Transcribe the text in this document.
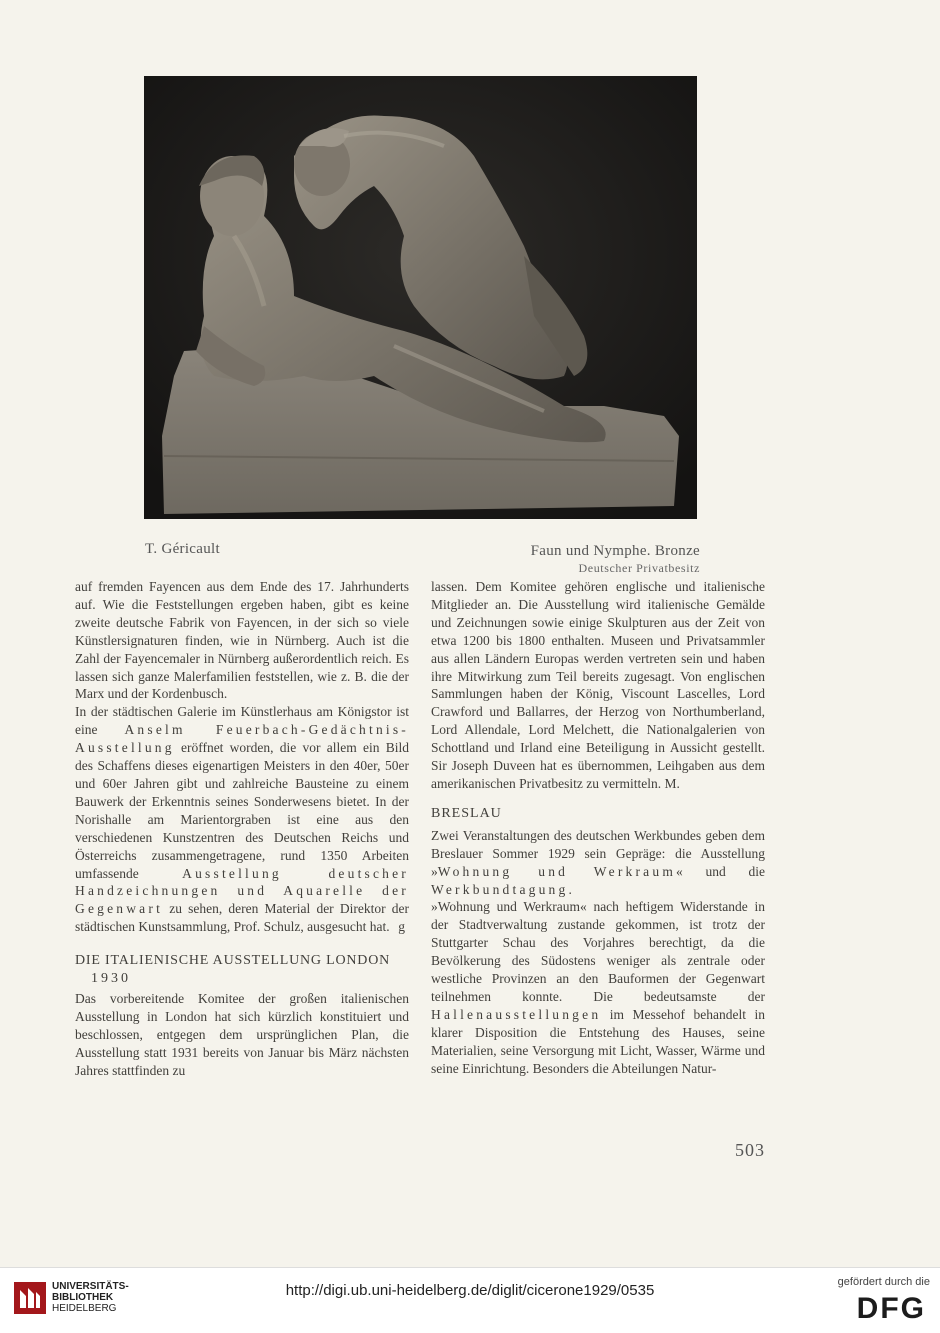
T. Géricault	Faun und Nymphe. Bronze
Deutscher Privatbesitz

auf fremden Fayencen aus dem Ende des 17. Jahrhunderts auf. Wie die Feststellungen ergeben haben, gibt es keine zweite deutsche Fabrik von Fayencen, in der sich so viele Künstlersignaturen finden, wie in Nürnberg. Auch ist die Zahl der Fayencemaler in Nürnberg außerordentlich reich. Es lassen sich ganze Malerfamilien feststellen, wie z. B. die der Marx und der Kordenbusch.

In der städtischen Galerie im Künstlerhaus am Königstor ist eine Anselm Feuerbach-Gedächtnis-Ausstellung eröffnet worden, die vor allem ein Bild des Schaffens dieses eigenartigen Meisters in den 40er, 50er und 60er Jahren gibt und zahlreiche Bausteine zu einem Bauwerk der Erkenntnis seines Sonderwesens bietet. In der Norishalle am Marientorgraben ist eine aus den verschiedenen Kunstzentren des Deutschen Reichs und Österreichs zusammengetragene, rund 1350 Arbeiten umfassende	Ausstellung deutscher Handzeichnungen und Aquarelle der Gegenwart zu sehen, deren Material der Direktor der städtischen Kunstsammlung, Prof. Schulz, ausgesucht hat. g

DIE ITALIENISCHE AUSSTELLUNG LONDON
1930

Das vorbereitende Komitee der großen italienischen Ausstellung in London hat sich kürzlich konstituiert und beschlossen, entgegen dem ursprünglichen Plan, die Ausstellung statt 1931 bereits von Januar bis März nächsten Jahres stattfinden zu

lassen. Dem Komitee gehören englische und italienische Mitglieder an. Die Ausstellung wird italienische Gemälde und Zeichnungen sowie einige Skulpturen aus der Zeit von etwa 1200 bis 1800 enthalten. Museen und Privatsammler aus allen Ländern Europas werden vertreten sein und haben ihre Mitwirkung zum Teil bereits zugesagt. Von englischen Sammlungen haben der König, Viscount Lascelles, Lord Crawford und Ballarres, der Herzog von Northumberland, Lord Allendale, Lord Melchett, die Nationalgalerien von Schottland und Irland eine Beteiligung in Aussicht gestellt. Sir Joseph Duveen hat es übernommen, Leihgaben aus dem amerikanischen Privatbesitz zu vermitteln. M.

BRESLAU

Zwei Veranstaltungen des deutschen Werkbundes geben dem Breslauer Sommer 1929 sein Gepräge: die Ausstellung »Wohnung und Werkraum« und die Werkbundtagung.

»Wohnung und Werkraum« nach heftigem Widerstande in der Stadtverwaltung zustande gekommen, ist trotz der Stuttgarter Schau des Vorjahres berechtigt, da die Bevölkerung des Südostens weniger als zentrale oder westliche Provinzen an den Bauformen der Gegenwart teilnehmen konnte. Die bedeutsamste der Hallenausstellungen im Messehof behandelt in klarer Disposition die Entstehung des Hauses, seine Materialien, seine Versorgung mit Licht, Wasser, Wärme und seine Einrichtung. Besonders die Abteilungen Natur-

503
UNIVERSITÄTS-
BIBLIOTHEK
HEIDELBERG
http://digi.ub.uni-heidelberg.de/diglit/cicerone1929/0535	gefördert durch die
DFG
